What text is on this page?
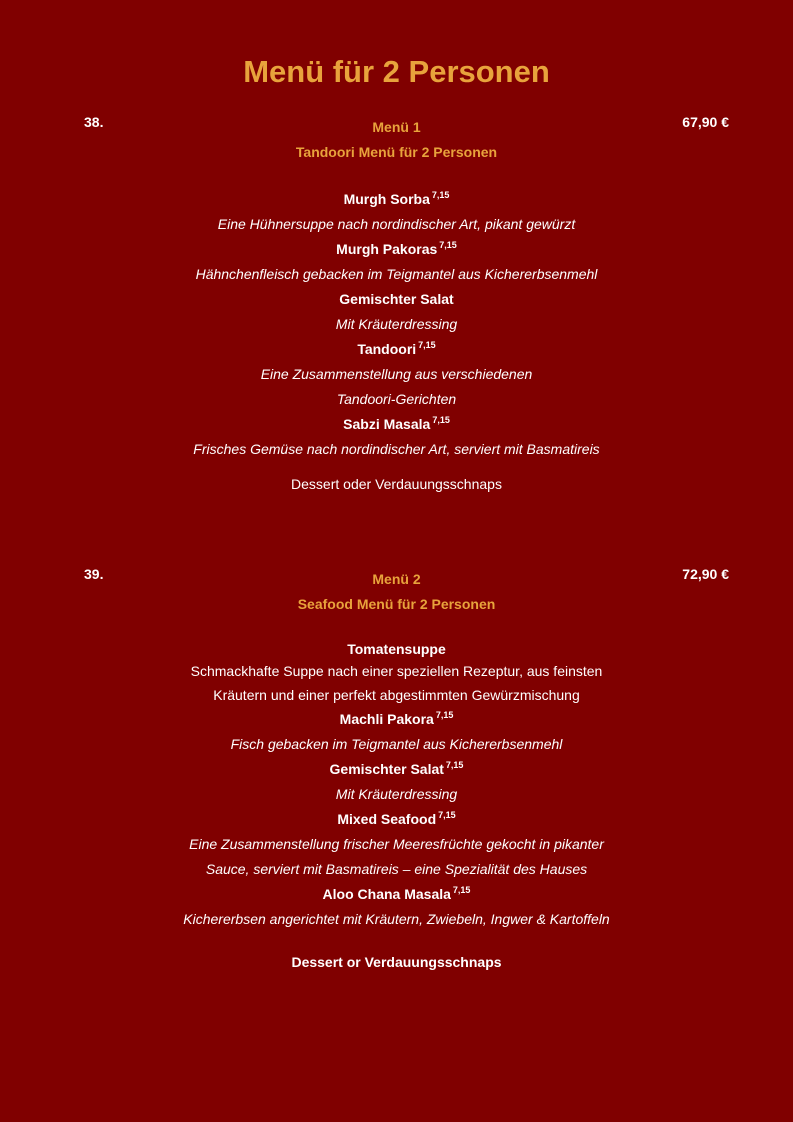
Menü für 2 Personen
38.	67,90 €
Menü 1
Tandoori Menü für 2 Personen
Murgh Sorba $^{7,15}$
Eine Hühnersuppe nach nordindischer Art, pikant gewürzt
Murgh Pakoras $^{7,15}$
Hähnchenfleisch gebacken im Teigmantel aus Kichererbsenmehl
Gemischter Salat
Mit Kräuterdressing
Tandoori $^{7,15}$
Eine Zusammenstellung aus verschiedenen
Tandoori-Gerichten
Sabzi Masala $^{7,15}$
Frisches Gemüse nach nordindischer Art, serviert mit Basmatireis
Dessert oder Verdauungsschnaps
39.	72,90 €
Menü 2
Seafood Menü für 2 Personen
Tomatensuppe
Schmackhafte Suppe nach einer speziellen Rezeptur, aus feinsten
Kräutern und einer perfekt abgestimmten Gewürzmischung
Machli Pakora $^{7,15}$
Fisch gebacken im Teigmantel aus Kichererbsenmehl
Gemischter Salat $^{7,15}$
Mit Kräuterdressing
Mixed Seafood $^{7,15}$
Eine Zusammenstellung frischer Meeresfrüchte gekocht in pikanter
Sauce, serviert mit Basmatireis – eine Spezialität des Hauses
Aloo Chana Masala $^{7,15}$
Kichererbsen angerichtet mit Kräutern, Zwiebeln, Ingwer & Kartoffeln
Dessert or Verdauungsschnaps
